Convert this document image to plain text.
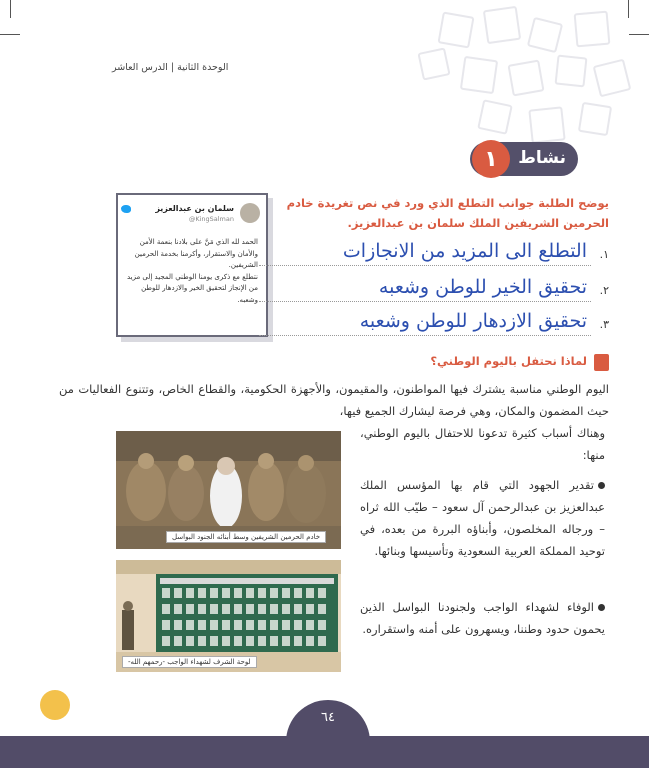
الوحدة الثانية | الدرس العاشر
١	نشاط
يوضح الطلبة جوانب التطلع الذي ورد في نص تغريدة خادم الحرمين الشريفين الملك سلمان بن عبدالعزيز.
سلمان بن عبدالعزيز
@KingSalman
الحمد لله الذي مَنَّ على بلادنا بنعمة الأمن والأمان والاستقرار، وأكرمنا بخدمة الحرمين الشريفين.
نتطلع مع ذكرى يومنا الوطني المجيد إلى مزيد من الإنجاز لتحقيق الخير والازدهار للوطن وشعبه.
١.
التطلع الى المزيد من الانجازات
٢.
تحقيق الخير للوطن وشعبه
٣.
تحقيق الازدهار للوطن وشعبه
لماذا نحتفل باليوم الوطني؟
اليوم الوطني مناسبة يشترك فيها المواطنون، والمقيمون، والأجهزة الحكومية، والقطاع الخاص، وتتنوع الفعاليات من حيث المضمون والمكان، وهي فرصة ليشارك الجميع فيها،
وهناك أسباب كثيرة تدعونا للاحتفال باليوم الوطني، منها:
تقدير الجهود التي قام بها المؤسس الملك عبدالعزيز بن عبدالرحمن آل سعود – طيّب الله ثراه – ورجاله المخلصون، وأبناؤه البررة من بعده، في توحيد المملكة العربية السعودية وتأسيسها وبنائها.
الوفاء لشهداء الواجب ولجنودنا البواسل الذين يحمون حدود وطننا، ويسهرون على أمنه واستقراره.
خادم الحرمين الشريفين وسط أبنائه الجنود البواسل
لوحة الشرف لشهداء الواجب -رحمهم الله-
٦٤
